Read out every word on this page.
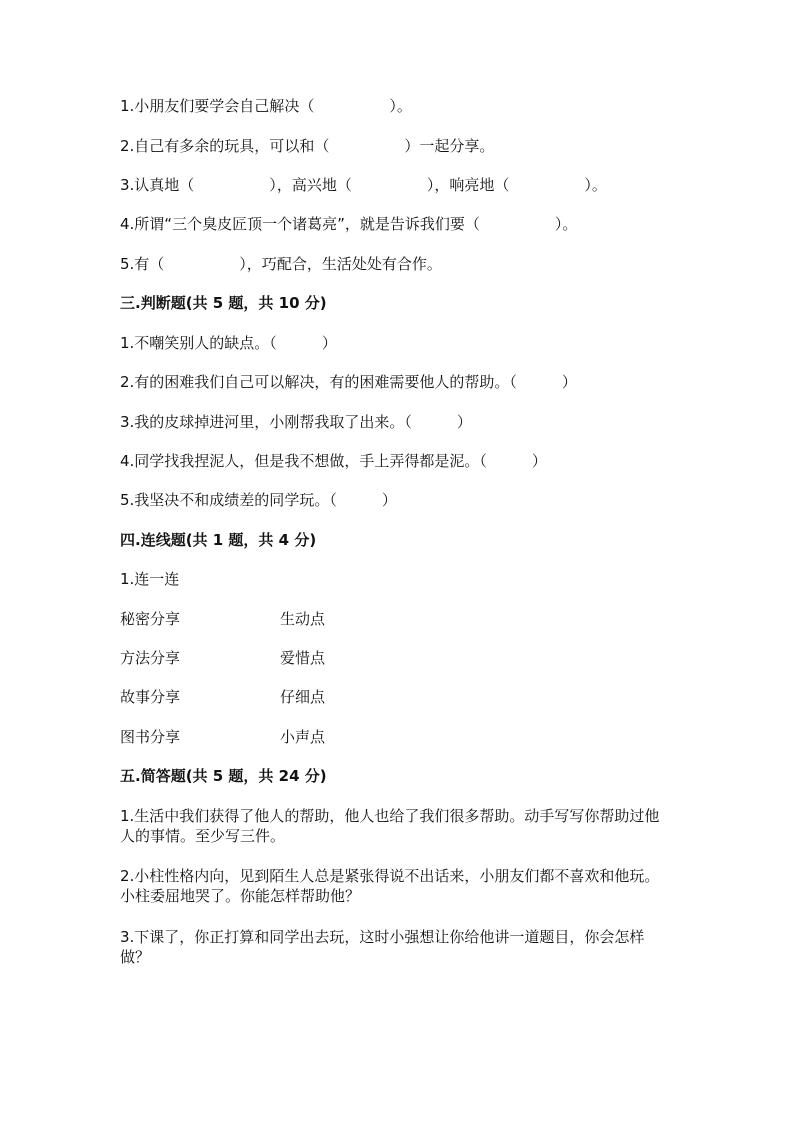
1.小朋友们要学会自己解决（　　　　　）。
2.自己有多余的玩具，可以和（　　　　　）一起分享。
3.认真地（　　　　　），高兴地（　　　　　），响亮地（　　　　　）。
4.所谓“三个臭皮匠顶一个诸葛亮”，就是告诉我们要（　　　　　）。
5.有（　　　　　），巧配合，生活处处有合作。
三.判断题(共 5 题，共 10 分)
1.不嘲笑别人的缺点。（　　　）
2.有的困难我们自己可以解决，有的困难需要他人的帮助。（　　　）
3.我的皮球掉进河里，小刚帮我取了出来。（　　　）
4.同学找我捏泥人，但是我不想做，手上弄得都是泥。（　　　）
5.我坚决不和成绩差的同学玩。（　　　）
四.连线题(共 1 题，共 4 分)
1.连一连
秘密分享	生动点
方法分享	爱惜点
故事分享	仔细点
图书分享	小声点
五.简答题(共 5 题，共 24 分)
1.生活中我们获得了他人的帮助，他人也给了我们很多帮助。动手写写你帮助过他人的事情。至少写三件。
2.小柱性格内向，见到陌生人总是紧张得说不出话来，小朋友们都不喜欢和他玩。小柱委屈地哭了。你能怎样帮助他？
3.下课了，你正打算和同学出去玩，这时小强想让你给他讲一道题目，你会怎样做？
